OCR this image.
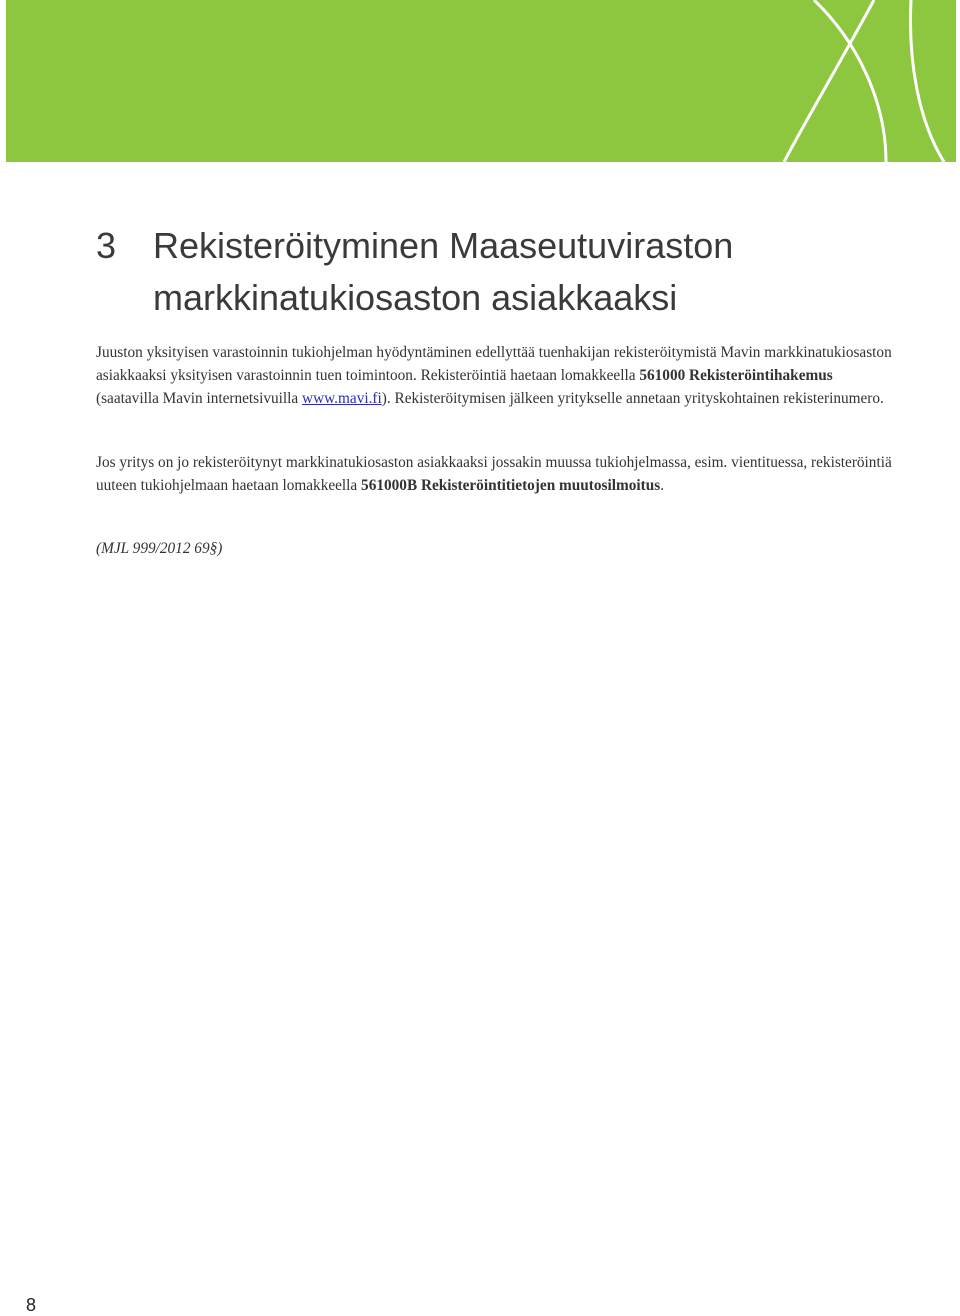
3 Rekisteröityminen Maaseutuviraston markkinatukiosaston asiakkaaksi

Juuston yksityisen varastoinnin tukiohjelman hyödyntäminen edellyttää tuenhakijan rekisteröitymistä Mavin markkinatukiosaston asiakkaaksi yksityisen varastoinnin tuen toimintoon. Rekisteröintiä haetaan lomakkeella 561000 Rekisteröintihakemus (saatavilla Mavin internetsivuilla www.mavi.fi). Rekisteröitymisen jälkeen yritykselle annetaan yrityskohtainen rekisterinumero.

Jos yritys on jo rekisteröitynyt markkinatukiosaston asiakkaaksi jossakin muussa tukiohjelmassa, esim. vientituessa, rekisteröintiä uuteen tukiohjelmaan haetaan lomakkeella 561000B Rekisteröintitietojen muutosilmoitus.

(MJL 999/2012 69§)

8
